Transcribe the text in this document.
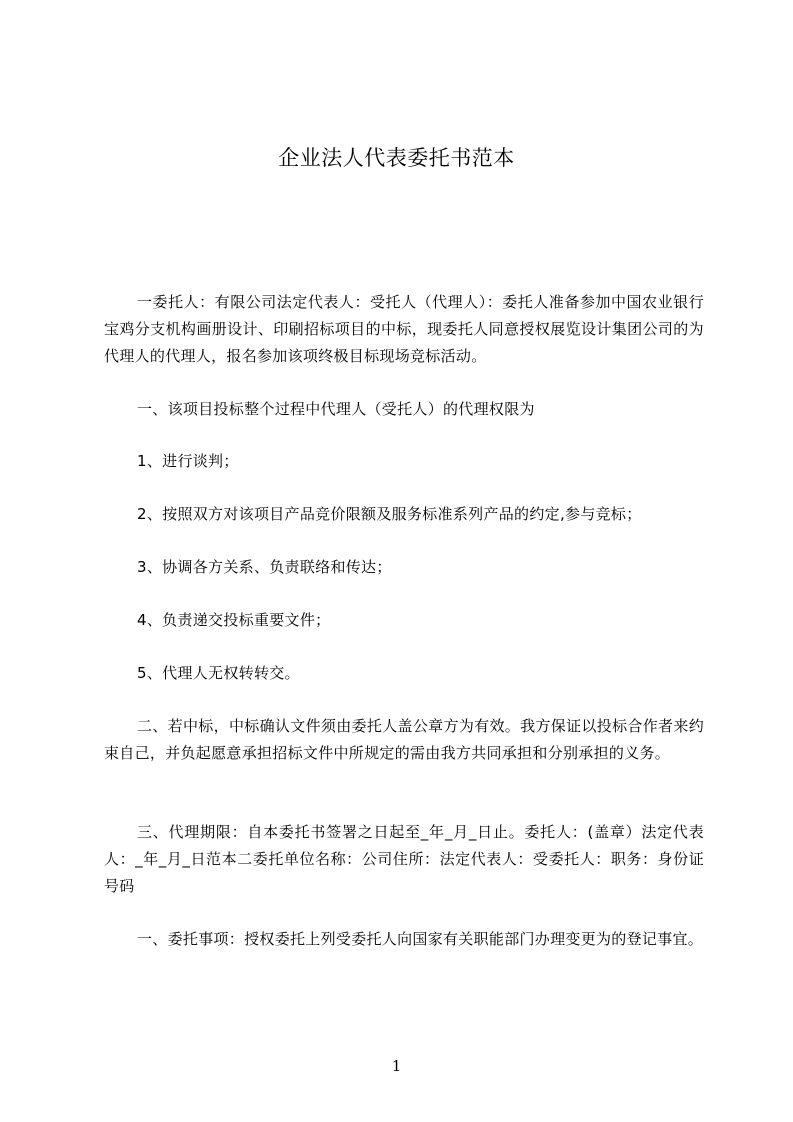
企业法人代表委托书范本

一委托人：有限公司法定代表人：受托人（代理人）：委托人准备参加中国农业银行宝鸡分支机构画册设计、印刷招标项目的中标，现委托人同意授权展览设计集团公司的为代理人的代理人，报名参加该项终极目标现场竞标活动。

一、该项目投标整个过程中代理人（受托人）的代理权限为

1、进行谈判；

2、按照双方对该项目产品竞价限额及服务标准系列产品的约定,参与竞标；

3、协调各方关系、负责联络和传达；

4、负责递交投标重要文件；

5、代理人无权转转交。

二、若中标，中标确认文件须由委托人盖公章方为有效。我方保证以投标合作者来约束自己，并负起愿意承担招标文件中所规定的需由我方共同承担和分别承担的义务。

三、代理期限：自本委托书签署之日起至_年_月_日止。委托人：(盖章）法定代表人：_年_月_日范本二委托单位名称：公司住所：法定代表人：受委托人：职务：身份证号码

一、委托事项：授权委托上列受委托人向国家有关职能部门办理变更为的登记事宜。

1
